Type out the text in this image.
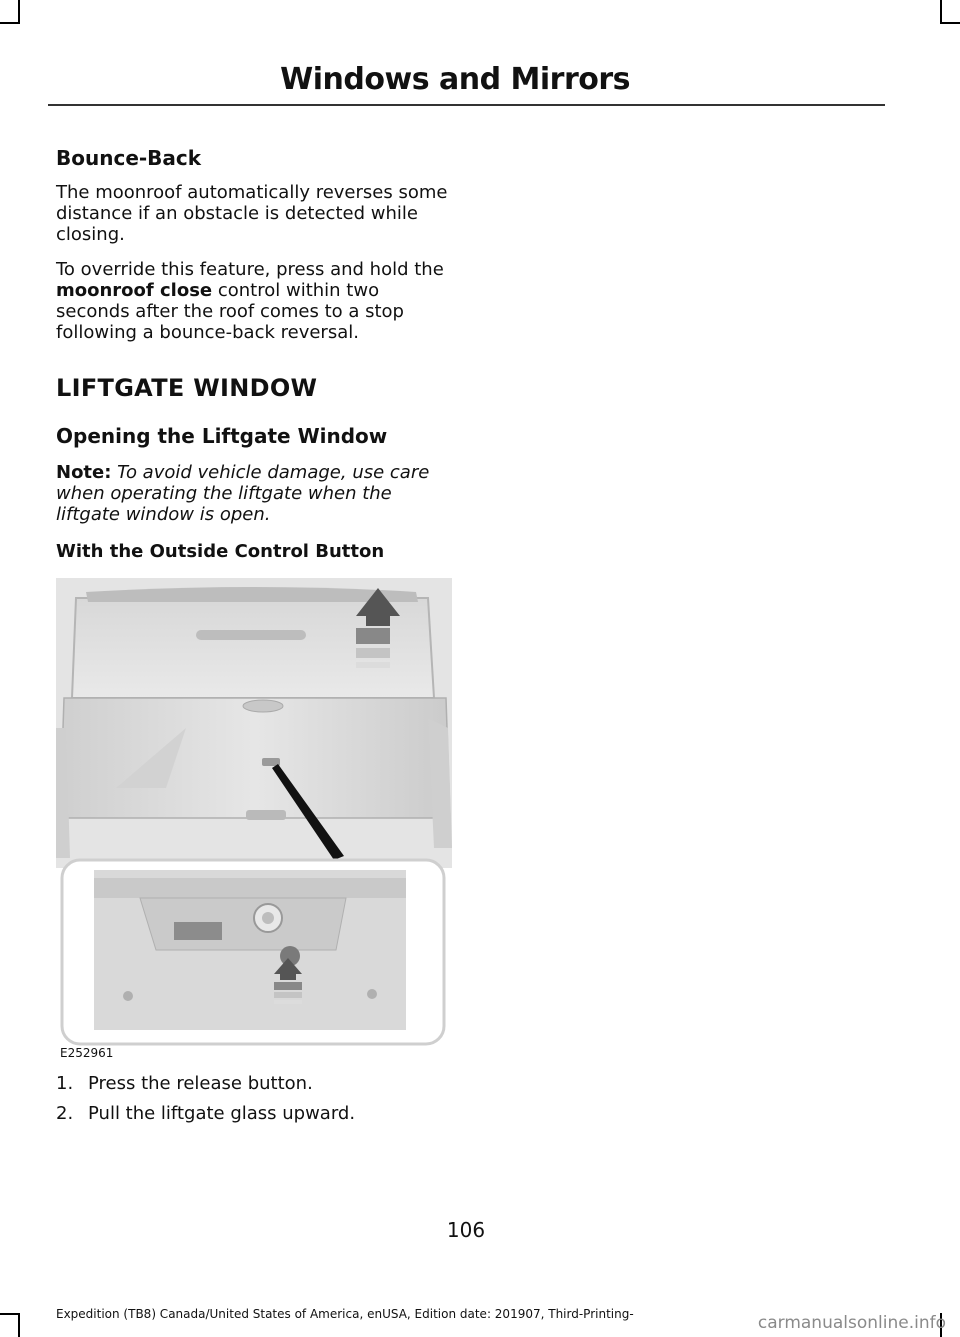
Windows and Mirrors
Bounce-Back

The moonroof automatically reverses some distance if an obstacle is detected while closing.

To override this feature, press and hold the moonroof close control within two seconds after the roof comes to a stop following a bounce-back reversal.

LIFTGATE WINDOW
Opening the Liftgate Window

Note: To avoid vehicle damage, use care when operating the liftgate when the liftgate window is open.

With the Outside Control Button

E252961
1. Press the release button.
2. Pull the liftgate glass upward.
106
Expedition (TB8) Canada/United States of America, enUSA, Edition date: 201907, Third-Printing-	carmanualsonline.info
